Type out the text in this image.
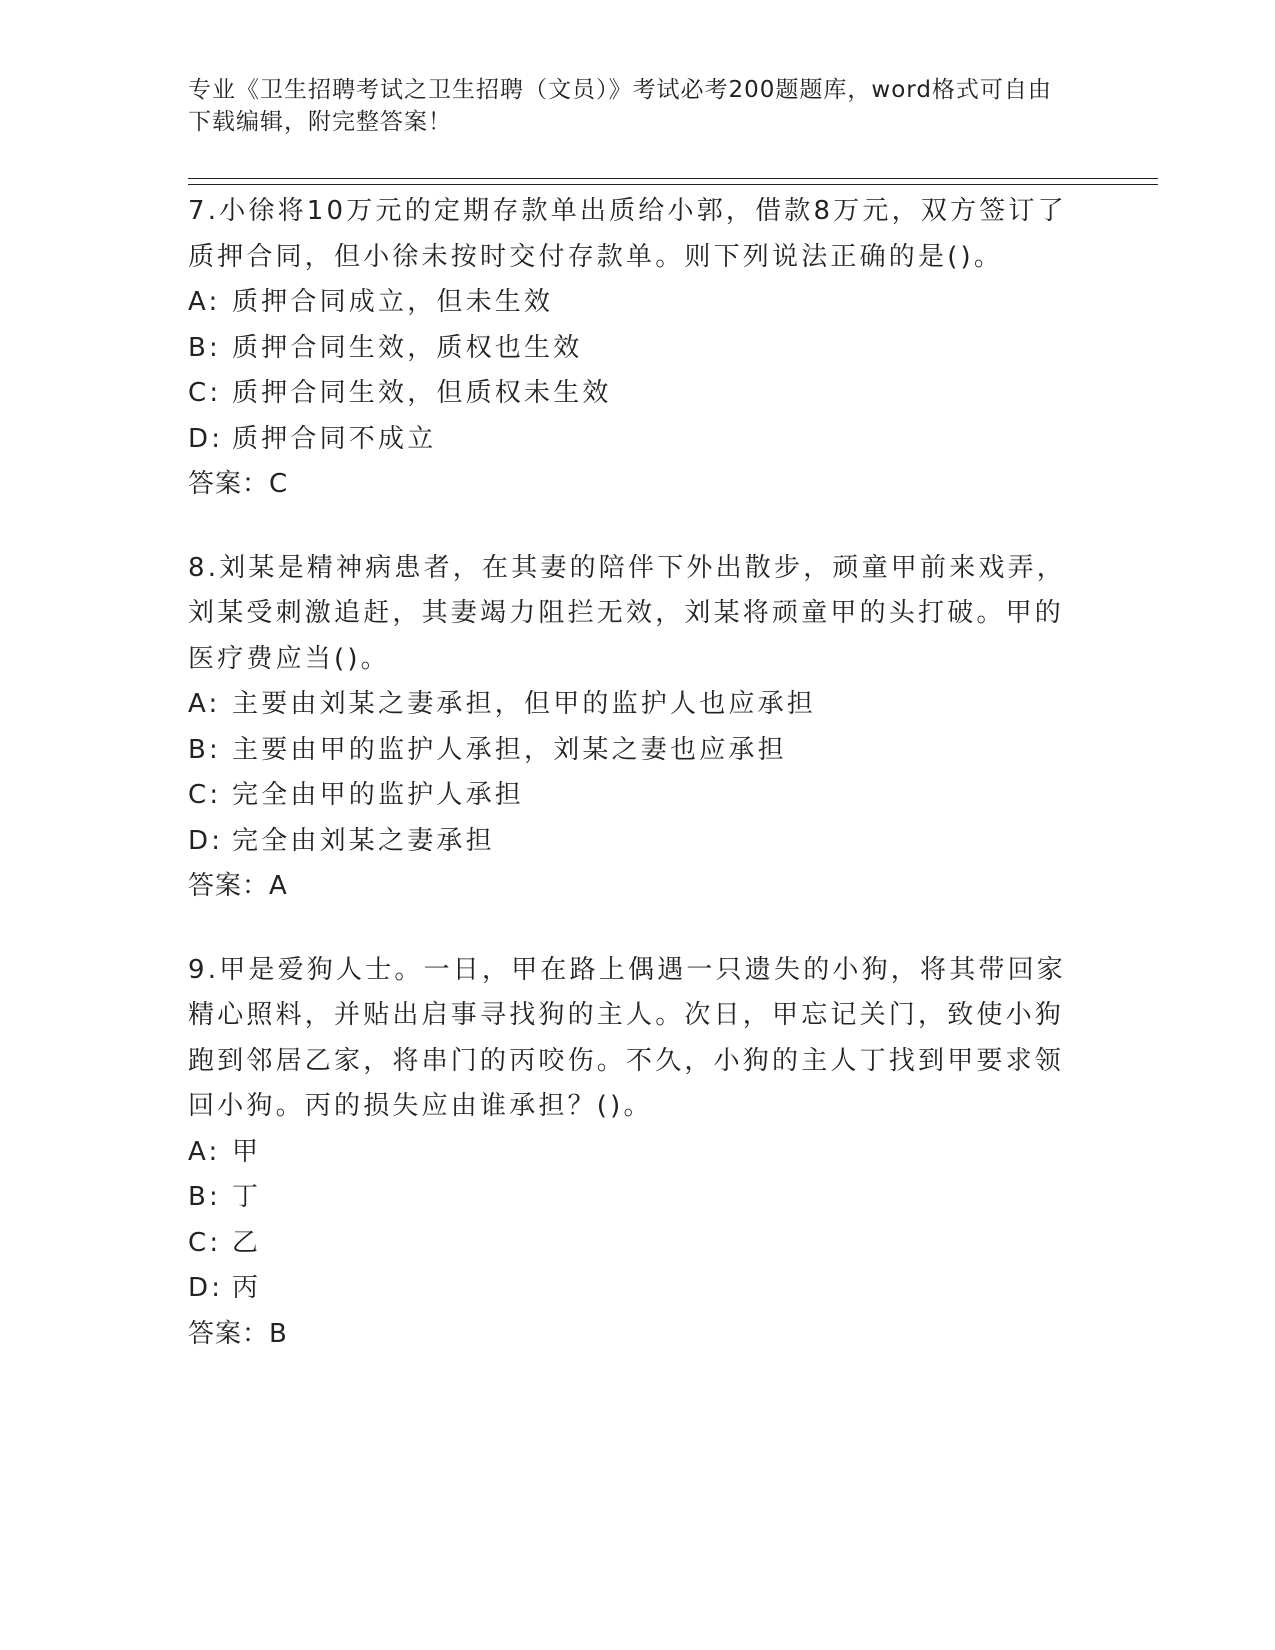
专业《卫生招聘考试之卫生招聘（文员）》考试必考200题题库，word格式可自由下载编辑，附完整答案！
7.小徐将10万元的定期存款单出质给小郭，借款8万元，双方签订了质押合同，但小徐未按时交付存款单。则下列说法正确的是()。
A: 质押合同成立，但未生效
B: 质押合同生效，质权也生效
C: 质押合同生效，但质权未生效
D: 质押合同不成立
答案：C
8.刘某是精神病患者，在其妻的陪伴下外出散步，顽童甲前来戏弄，刘某受刺激追赶，其妻竭力阻拦无效，刘某将顽童甲的头打破。甲的医疗费应当()。
A: 主要由刘某之妻承担，但甲的监护人也应承担
B: 主要由甲的监护人承担，刘某之妻也应承担
C: 完全由甲的监护人承担
D: 完全由刘某之妻承担
答案：A
9.甲是爱狗人士。一日，甲在路上偶遇一只遗失的小狗，将其带回家精心照料，并贴出启事寻找狗的主人。次日，甲忘记关门，致使小狗跑到邻居乙家，将串门的丙咬伤。不久，小狗的主人丁找到甲要求领回小狗。丙的损失应由谁承担？()。
A: 甲
B: 丁
C: 乙
D: 丙
答案：B
